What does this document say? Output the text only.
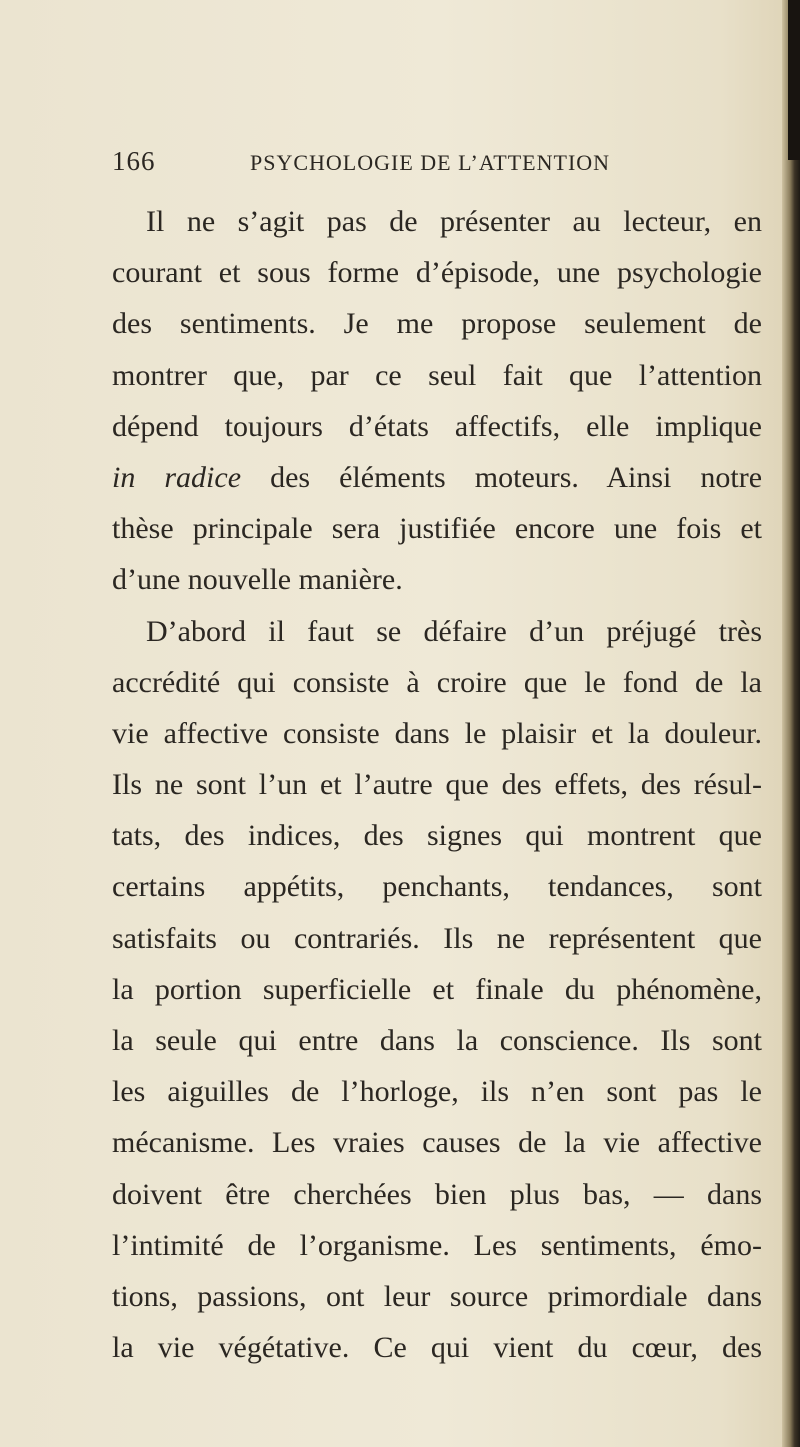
166	PSYCHOLOGIE DE L’ATTENTION
Il ne s’agit pas de présenter au lecteur, en
courant et sous forme d’épisode, une psychologie
des sentiments. Je me propose seulement de
montrer que, par ce seul fait que l’attention
dépend toujours d’états affectifs, elle implique
in radice des éléments moteurs. Ainsi notre
thèse principale sera justifiée encore une fois et
d’une nouvelle manière.
D’abord il faut se défaire d’un préjugé très
accrédité qui consiste à croire que le fond de la
vie affective consiste dans le plaisir et la douleur.
Ils ne sont l’un et l’autre que des effets, des résul-
tats, des indices, des signes qui montrent que
certains appétits, penchants, tendances, sont
satisfaits ou contrariés. Ils ne représentent que
la portion superficielle et finale du phénomène,
la seule qui entre dans la conscience. Ils sont
les aiguilles de l’horloge, ils n’en sont pas le
mécanisme. Les vraies causes de la vie affective
doivent être cherchées bien plus bas, — dans
l’intimité de l’organisme. Les sentiments, émo-
tions, passions, ont leur source primordiale dans
la vie végétative. Ce qui vient du cœur, des
